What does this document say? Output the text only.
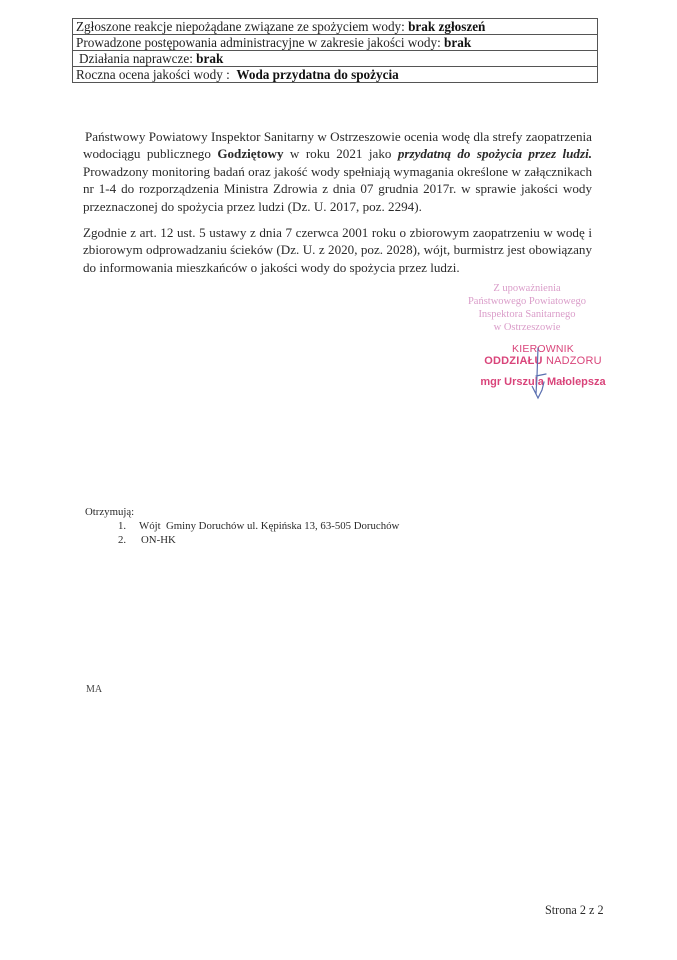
Zgłoszone reakcje niepożądane związane ze spożyciem wody: brak zgłoszeń
Prowadzone postępowania administracyjne w zakresie jakości wody: brak
Działania naprawcze: brak
Roczna ocena jakości wody :  Woda przydatna do spożycia
Państwowy Powiatowy Inspektor Sanitarny w Ostrzeszowie ocenia wodę dla strefy zaopatrzenia wodociągu publicznego Godziętowy w roku 2021 jako przydatną do spożycia przez ludzi. Prowadzony monitoring badań oraz jakość wody spełniają wymagania określone w załącznikach nr 1-4 do rozporządzenia Ministra Zdrowia z dnia 07 grudnia 2017r. w sprawie jakości wody przeznaczonej do spożycia przez ludzi (Dz. U. 2017, poz. 2294).
Zgodnie z art. 12 ust. 5 ustawy z dnia 7 czerwca 2001 roku o zbiorowym zaopatrzeniu w wodę i zbiorowym odprowadzaniu ścieków (Dz. U. z 2020, poz. 2028), wójt, burmistrz jest obowiązany do informowania mieszkańców o jakości wody do spożycia przez ludzi.
Z upoważnienia
Państwowego Powiatowego
Inspektora Sanitarnego
w Ostrzeszowie
KIEROWNIK
ODDZIAŁU NADZORU
mgr Urszula Małolepsza
Otrzymują:
1. Wójt  Gminy Doruchów ul. Kępińska 13, 63-505 Doruchów
2. ON-HK
MA
Strona 2 z 2
